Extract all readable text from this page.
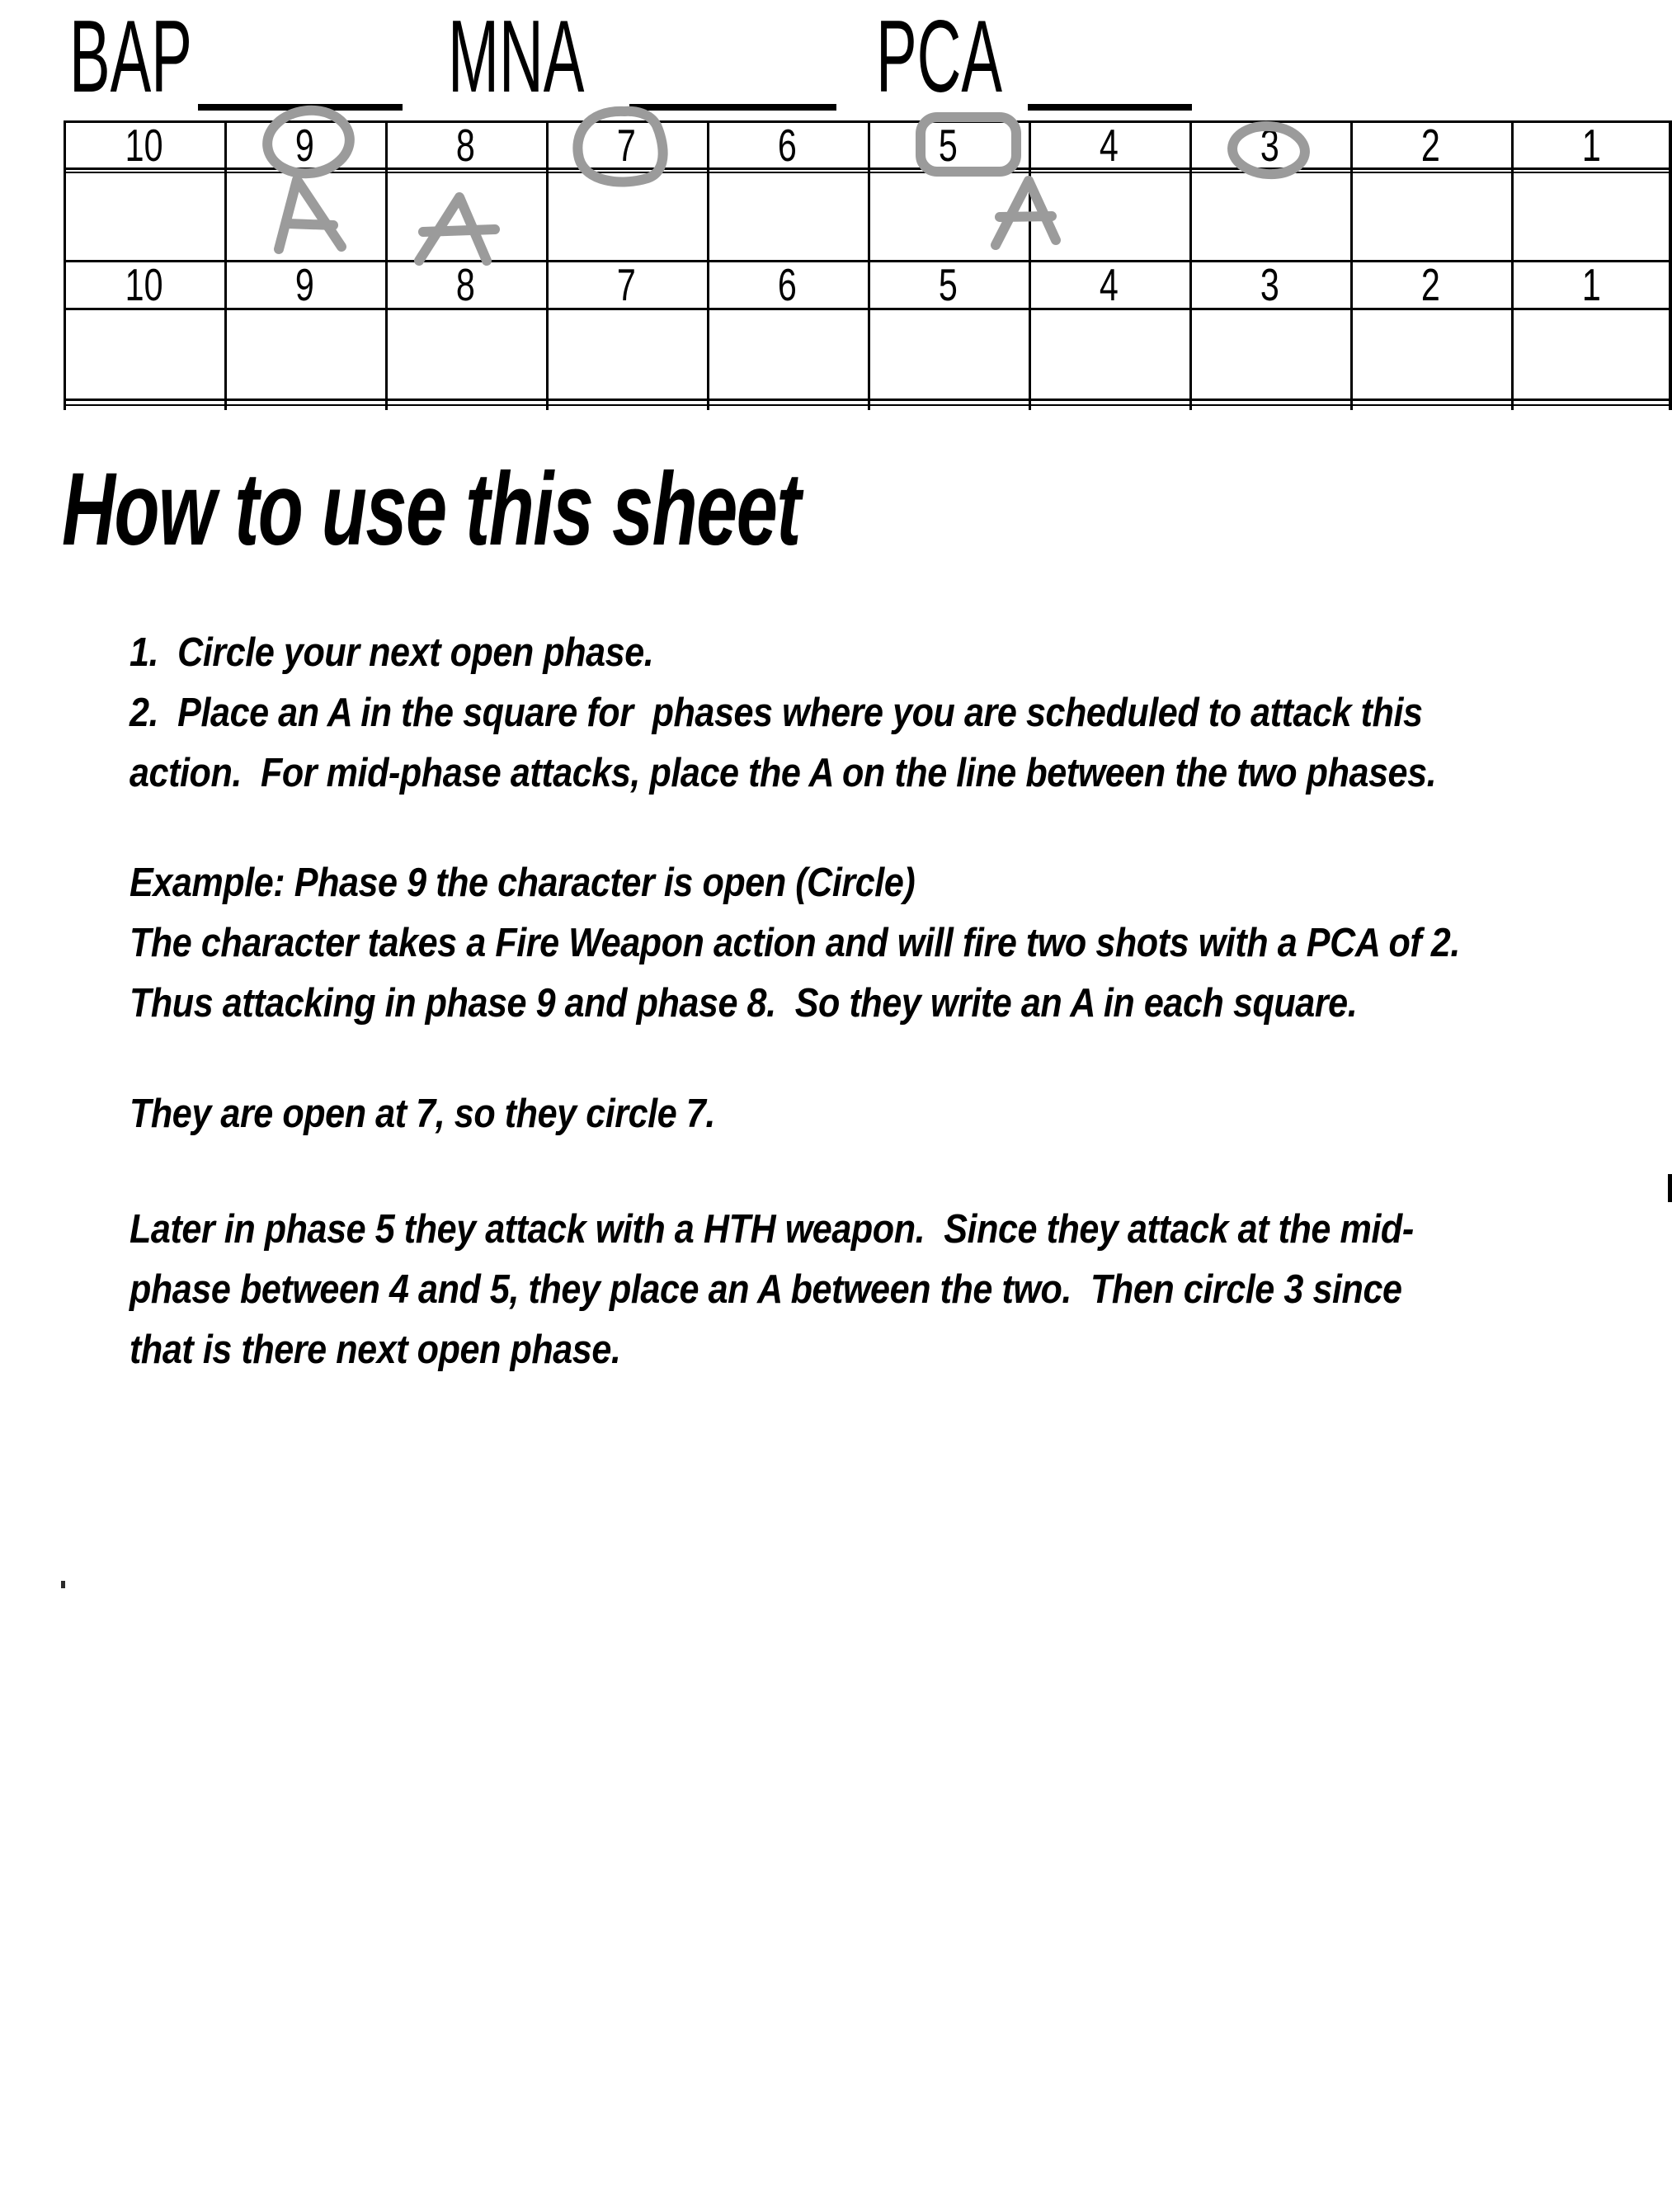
BAP	MNA	PCA
10	9	8	7	6	5	4	3	2	1
10	9	8	7	6	5	4	3	2	1
How to use this sheet
1.  Circle your next open phase.
2.  Place an A in the square for  phases where you are scheduled to attack this
action.  For mid-phase attacks, place the A on the line between the two phases.
Example: Phase 9 the character is open (Circle)
The character takes a Fire Weapon action and will fire two shots with a PCA of 2.
Thus attacking in phase 9 and phase 8.  So they write an A in each square.
They are open at 7, so they circle 7.
Later in phase 5 they attack with a HTH weapon.  Since they attack at the mid-
phase between 4 and 5, they place an A between the two.  Then circle 3 since
that is there next open phase.
